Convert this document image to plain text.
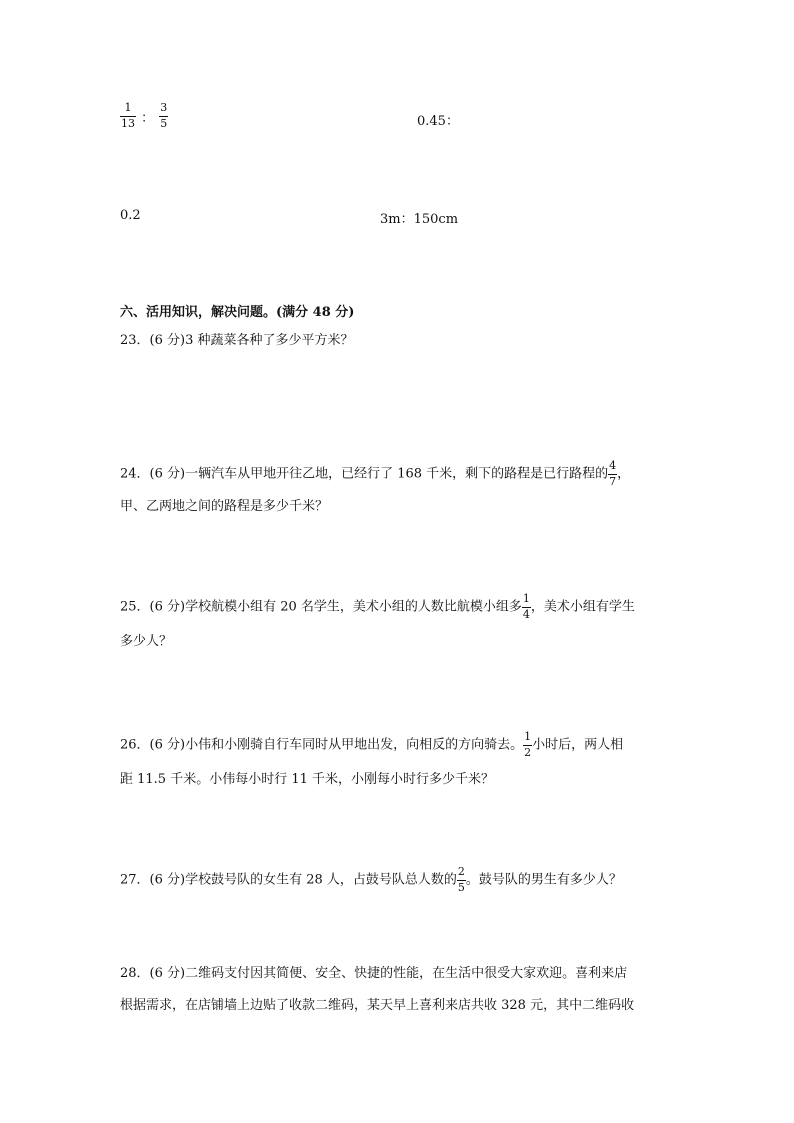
$\frac{1}{13}$ ： $\frac{3}{5}$	0.45：
0.2	3m：150cm
六、活用知识，解决问题。(满分 48 分)
23．(6 分)3 种蔬菜各种了多少平方米？
24．(6 分)一辆汽车从甲地开往乙地，已经行了 168 千米，剩下的路程是已行路程的 $\frac{4}{7}$ ，
甲、乙两地之间的路程是多少千米？
25．(6 分)学校航模小组有 20 名学生，美术小组的人数比航模小组多 $\frac{1}{4}$ ，美术小组有学生
多少人？
26．(6 分)小伟和小刚骑自行车同时从甲地出发，向相反的方向骑去。 $\frac{1}{2}$ 小时后，两人相
距 11.5 千米。小伟每小时行 11 千米，小刚每小时行多少千米？
27．(6 分)学校鼓号队的女生有 28 人，占鼓号队总人数的 $\frac{2}{5}$ 。鼓号队的男生有多少人？
28．(6 分)二维码支付因其简便、安全、快捷的性能，在生活中很受大家欢迎。喜利来店
根据需求，在店铺墙上边贴了收款二维码，某天早上喜利来店共收 328 元，其中二维码收
